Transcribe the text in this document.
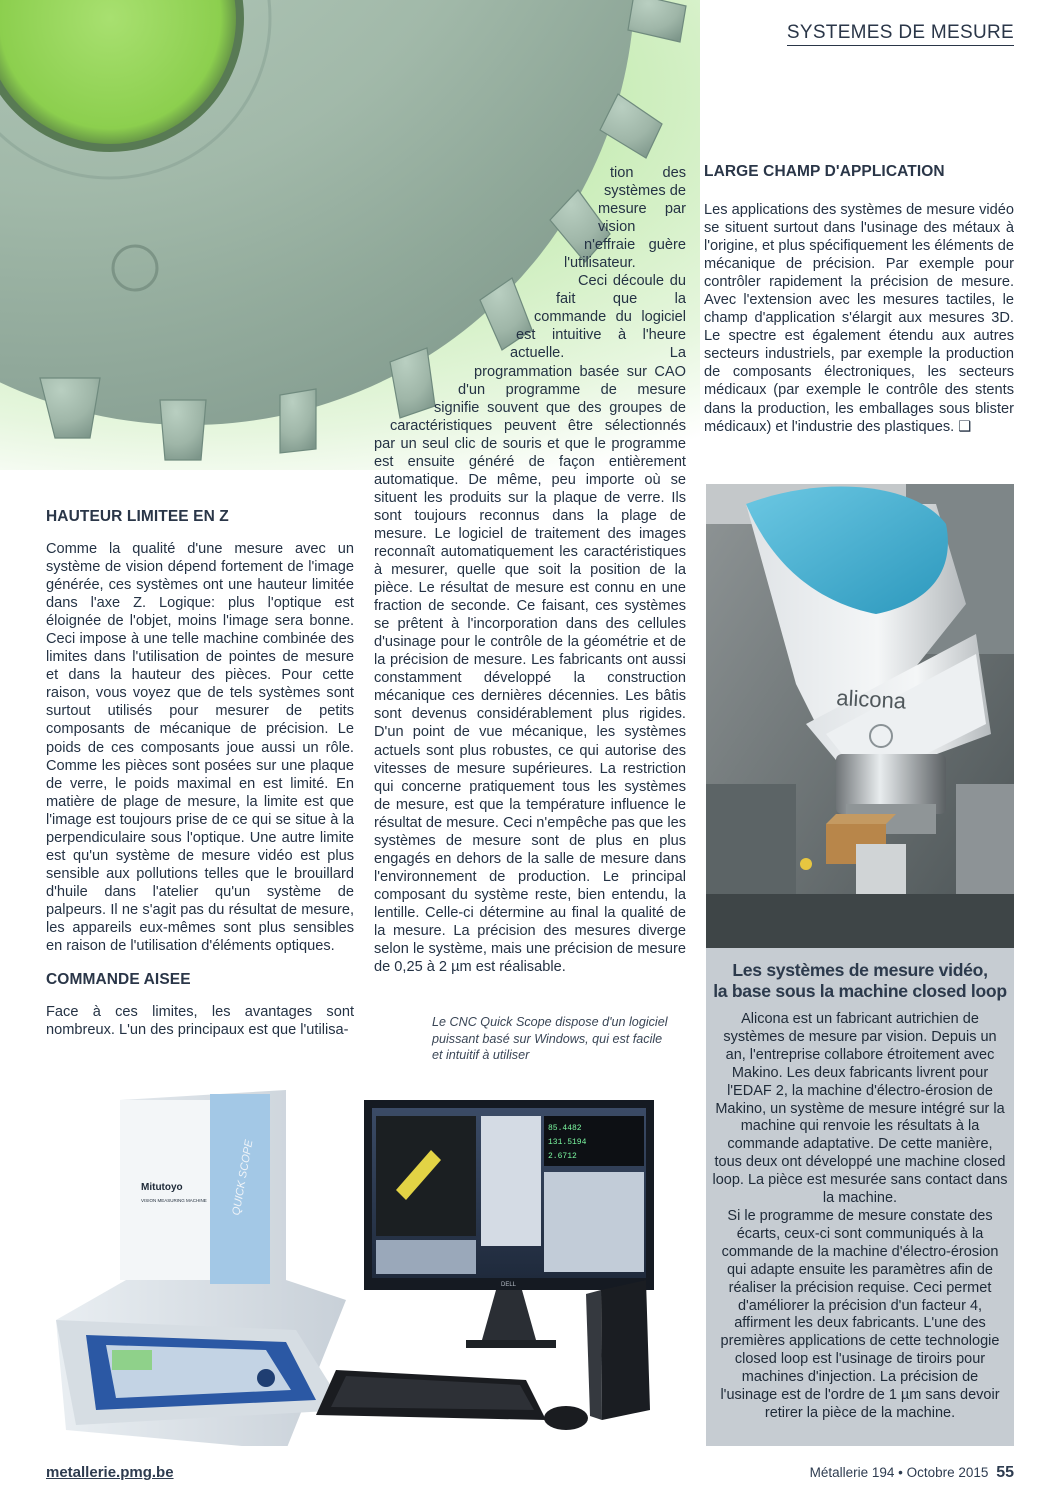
SYSTEMES DE MESURE

tion des systèmes de mesure par vision n'effraie guère l'utilisateur.

Ceci découle du fait que la commande du logiciel est intuitive à l'heure actuelle. La programmation basée sur CAO d'un programme de mesure signifie souvent que des groupes de caractéristiques peuvent être sélectionnés par un seul clic de souris et que le programme est ensuite généré de façon entièrement automatique. De même, peu importe où se situent les produits sur la plaque de verre. Ils sont toujours reconnus dans la plage de mesure. Le logiciel de traitement des images reconnaît automatiquement les caractéristiques à mesurer, quelle que soit la position de la pièce. Le résultat de mesure est connu en une fraction de seconde. Ce faisant, ces systèmes se prêtent à l'incorporation dans des cellules d'usinage pour le contrôle de la géométrie et de la précision de mesure. Les fabricants ont aussi constamment développé la construction mécanique ces dernières décennies. Les bâtis sont devenus considérablement plus rigides. D'un point de vue mécanique, les systèmes actuels sont plus robustes, ce qui autorise des vitesses de mesure supérieures. La restriction qui concerne pratiquement tous les systèmes de mesure, est que la température influence le résultat de mesure. Ceci n'empêche pas que les systèmes de mesure sont de plus en plus engagés en dehors de la salle de mesure dans l'environnement de production. Le principal composant du système reste, bien entendu, la lentille. Celle-ci détermine au final la qualité de la mesure. La précision des mesures diverge selon le système, mais une précision de mesure de 0,25 à 2 µm est réalisable.

HAUTEUR LIMITEE EN Z

Comme la qualité d'une mesure avec un système de vision dépend fortement de l'image générée, ces systèmes ont une hauteur limitée dans l'axe Z. Logique: plus l'optique est éloignée de l'objet, moins l'image sera bonne. Ceci impose à une telle machine combinée des limites dans l'utilisation de pointes de mesure et dans la hauteur des pièces. Pour cette raison, vous voyez que de tels systèmes sont surtout utilisés pour mesurer de petits composants de mécanique de précision. Le poids de ces composants joue aussi un rôle. Comme les pièces sont posées sur une plaque de verre, le poids maximal en est limité. En matière de plage de mesure, la limite est que l'image est toujours prise de ce qui se situe à la perpendiculaire sous l'optique. Une autre limite est qu'un système de mesure vidéo est plus sensible aux pollutions telles que le brouillard d'huile dans l'atelier qu'un système de palpeurs. Il ne s'agit pas du résultat de mesure, les appareils eux-mêmes sont plus sensibles en raison de l'utilisation d'éléments optiques.

COMMANDE AISEE

Face à ces limites, les avantages sont nombreux. L'un des principaux est que l'utilisa-

LARGE CHAMP D'APPLICATION

Les applications des systèmes de mesure vidéo se situent surtout dans l'usinage des métaux à l'origine, et plus spécifiquement les éléments de mécanique de précision. Par exemple pour contrôler rapidement la précision de mesure. Avec l'extension avec les mesures tactiles, le champ d'application s'élargit aux mesures 3D. Le spectre est également étendu aux autres secteurs industriels, par exemple la production de composants électroniques, les secteurs médicaux (par exemple le contrôle des stents dans la production, les emballages sous blister médicaux) et l'industrie des plastiques. ❑

alicona
Les systèmes de mesure vidéo,
la base sous la machine closed loop

Alicona est un fabricant autrichien de systèmes de mesure par vision. Depuis un an, l'entreprise collabore étroitement avec Makino. Les deux fabricants livrent pour l'EDAF 2, la machine d'électro-érosion de Makino, un système de mesure intégré sur la machine qui renvoie les résultats à la commande adaptative. De cette manière, tous deux ont développé une machine closed loop. La pièce est mesurée sans contact dans la machine.

Si le programme de mesure constate des écarts, ceux-ci sont communiqués à la commande de la machine d'électro-érosion qui adapte ensuite les paramètres afin de réaliser la précision requise. Ceci permet d'améliorer la précision d'un facteur 4, affirment les deux fabricants. L'une des premières applications de cette technologie closed loop est l'usinage de tiroirs pour machines d'injection. La précision de l'usinage est de l'ordre de 1 µm sans devoir retirer la pièce de la machine.

Le CNC Quick Scope dispose d'un logiciel puissant basé sur Windows, qui est facile et intuitif à utiliser
Mitutoyo
VISION MEASURING MACHINE QUICK SCOPE
85.4482
131.5194
2.6712
DELL
metallerie.pmg.be	Métallerie 194 • Octobre 2015 55
